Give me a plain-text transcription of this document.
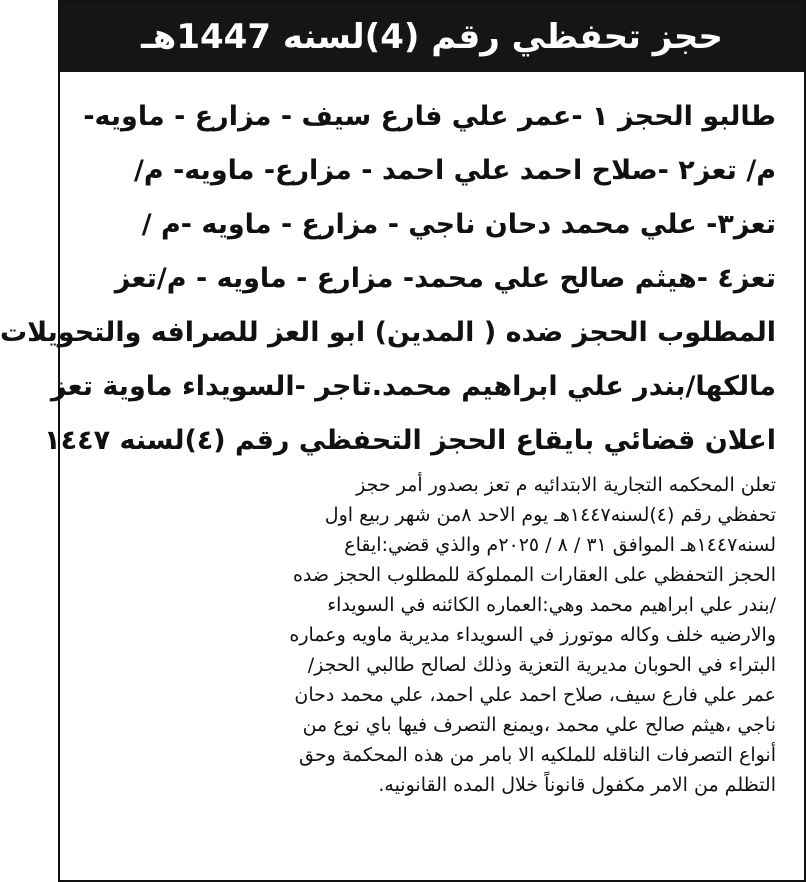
حجز تحفظي رقم (4)لسنه 1447هـ
طالبو الحجز ١ -عمر علي فارع سيف - مزارع - ماويه-
م/ تعز٢ -صلاح احمد علي احمد - مزارع- ماويه- م/
تعز٣- علي محمد دحان ناجي - مزارع - ماويه -م /
تعز٤ -هيثم صالح علي محمد- مزارع - ماويه - م/تعز
المطلوب الحجز ضده ( المدين) ابو العز للصرافه والتحويلات
مالكها/بندر علي ابراهيم محمد.تاجر -السويداء ماوية تعز
اعلان قضائي بايقاع الحجز التحفظي رقم (٤)لسنه ١٤٤٧
تعلن المحكمه التجارية الابتدائيه م تعز بصدور أمر حجز
تحفظي رقم (٤)لسنه١٤٤٧هـ يوم الاحد ٨من شهر ربيع اول
لسنه١٤٤٧هـ الموافق ٣١ / ٨ / ٢٠٢٥م والذي قضي:ايقاع
الحجز التحفظي على العقارات المملوكة للمطلوب الحجز ضده
/بندر علي ابراهيم محمد وهي:العماره الكائنه في السويداء
والارضيه خلف وكاله موتورز في السويداء مديرية ماويه وعماره
البتراء في الحوبان مديرية التعزية وذلك لصالح طالبي الحجز/
عمر علي فارع سيف، صلاح احمد علي احمد، علي محمد دحان
ناجي ،هيثم صالح علي محمد ،ويمنع التصرف فيها باي نوع من
أنواع التصرفات الناقله للملكيه الا بامر من هذه المحكمة وحق
التظلم من الامر مكفول قانوناً خلال المده القانونيه.
